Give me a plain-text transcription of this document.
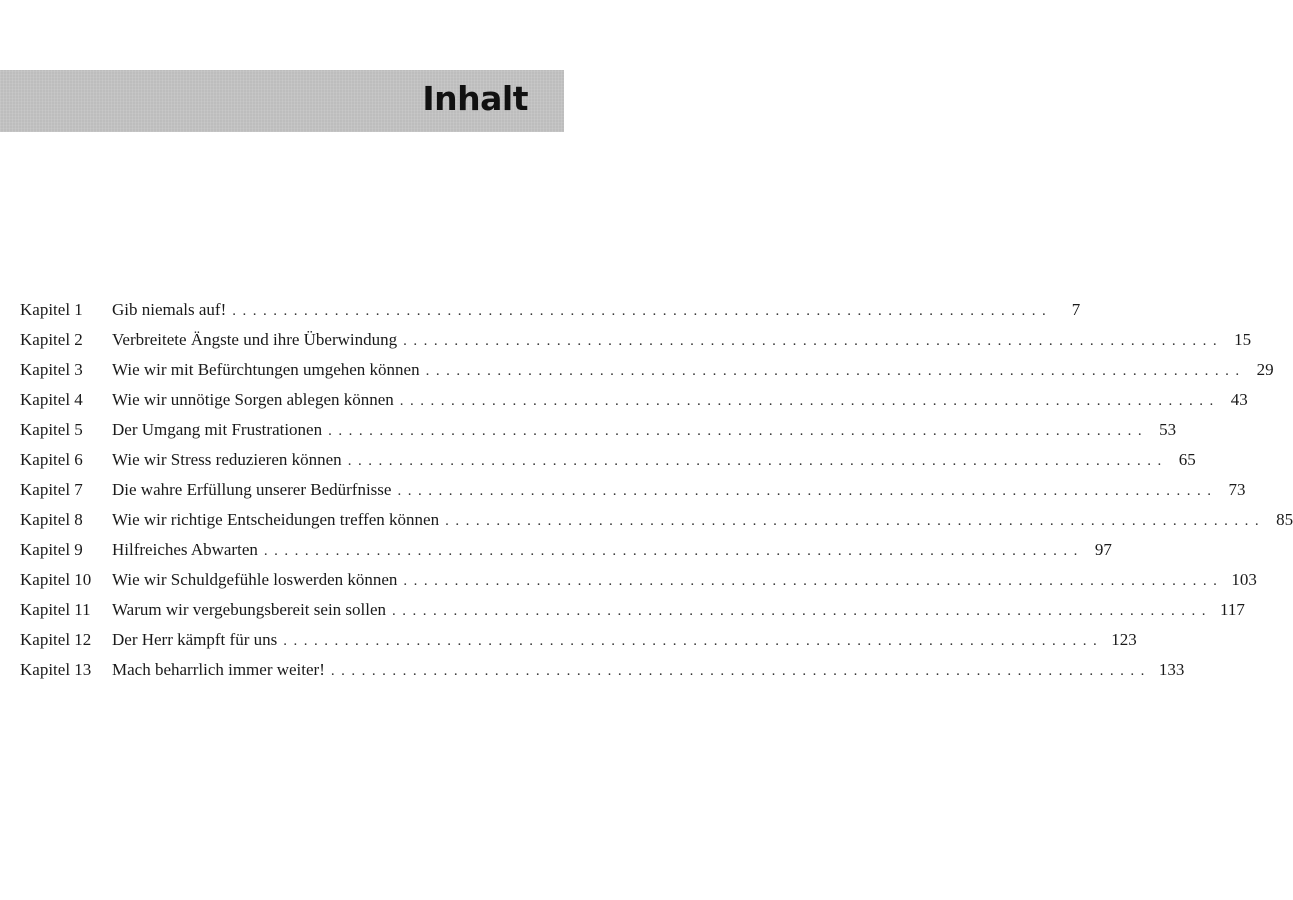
Inhalt
Kapitel 1	Gib niemals auf! ................................................................................	7
Kapitel 2	Verbreitete Ängste und ihre Überwindung ................................................................................ 15
Kapitel 3	Wie wir mit Befürchtungen umgehen können ................................................................................ 29
Kapitel 4	Wie wir unnötige Sorgen ablegen können ................................................................................ 43
Kapitel 5	Der Umgang mit Frustrationen ................................................................................ 53
Kapitel 6	Wie wir Stress reduzieren können ................................................................................ 65
Kapitel 7	Die wahre Erfüllung unserer Bedürfnisse ................................................................................ 73
Kapitel 8	Wie wir richtige Entscheidungen treffen können ................................................................................ 85
Kapitel 9	Hilfreiches Abwarten ................................................................................ 97
Kapitel 10	Wie wir Schuldgefühle loswerden können ................................................................................ 103
Kapitel 11	Warum wir vergebungsbereit sein sollen ................................................................................ 117
Kapitel 12	Der Herr kämpft für uns ................................................................................ 123
Kapitel 13	Mach beharrlich immer weiter! ................................................................................ 133
